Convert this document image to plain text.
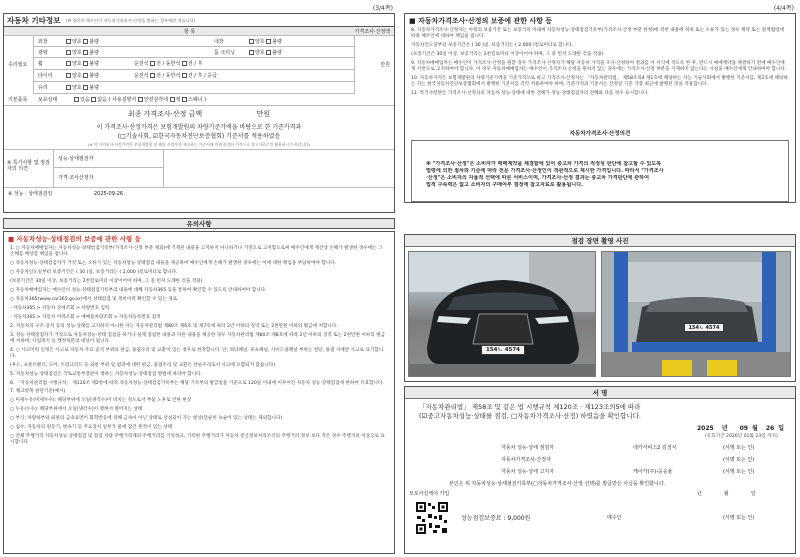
(3/4쪽)
자동차 기타정보 (※ 항목은 매수인이 자동차가격조사·산정을 원하는 경우에만 적습니다)
항 목	가격조사·산정액
수리필요	만원
외장	양호 불량	내장	양호 불량
광택	양호 불량	룸 크리닝	양호 불량
휠	양호 불량	운전석 전 / 동반석 전 / 후
타이어	양호 불량	운전석 전 / 동반석 전 / 후 / 응급
유리	양호 불량
기본품목 보유상태	있음 없음 ( 사용설명서 안전삼각대 잭 스패너 )
최종 가격조사·산정 금액	만원
이 가격조사·산정가격은 보험개발원의 차량기준가액을 바탕으로 한 기준가격과
(□기술사회, ☑한국자동차진단보증협회) 기준서를 적용하였음
(※ 이 가격조사·산정가격은 보험개발원 및 해당 사업자가 제공하는 기준서에 의해 산정한 가격으로 참고자료로만 활용하시기 바랍니다)
※ 특기사항 및 점검자의 의견
성능·상태점검자
가격·조사산정자
※ 성능 · 상태점검일	2025-09-26
유의사항
■ 자동차성능·상태점검의 보증에 관한 사항 등
1. ○ 자동차매매업자는 자동차성능·상태점검기록부(가격조사·산정 부분 제외)에 기재된 내용을 고지하지 아니하거나 거짓으로 고지함으로써 매수인에게 재산상 손해가 발생한 경우에는 그 손해를 배상할 책임을 집니다.
○ 자동차성능·상태점검자가 거짓 또는 오류가 있는 자동차성능·상태점검 내용을 제공하여 매수인에게 손해가 발생한 경우에는 이에 대한 책임을 부담하여야 합니다.
○ 자동차인도일부터 보증기간은 ( 30 )일, 보증거리는 ( 2,000 )킬로미터로 합니다.
(보증기간은 30일 이상, 보증거리는 2천킬로미터 이상이어야 하며, 그 중 먼저 도래한 것을 적용)
○ 자동차매매업자는 매수인이 성능·상태점검기록부의 내용에 대해 자동차365 등을 통하여 확인할 수 있도록 안내하여야 합니다.
○ 자동차365(www.car365.go.kr)에서 상태점검 및 정비이력 확인할 수 있는 경로
- 자동차365 > 자동차 상세조회 > 차량번호 입력
- 자동차365 > 자동차 이력조회 > 매매용차량조회 > 자동차등록번호 검색
2. 자동차의 구조·장치 등의 성능·상태를 고지하지 아니한 자는 자동차관리법 제80조 제6호 및 제7호에 따라 2년 이하의 징역 또는 2천만원 이하의 벌금에 처합니다.
3. 성능·상태점검자가 거짓으로 자동차성능·상태 점검을 하거나 실제 점검한 내용과 다른 내용을 제공한 경우 자동차관리법 제80조 제8호에 따라 2년 이하의 징역 또는 2천만원 이하의 벌금에 처하며, 사업정지 등 행정처분의 대상이 됩니다.
4. ○ 사고이력 인정은 사고로 자동차 주요 골격 부위의 판금, 용접수리 및 교환이 있는 경우로 한정합니다. 단, 쿼터패널, 루프패널, 사이드실패널 부위는 절단, 용접 시에만 사고로 표기합니다.
(후드, 프론트펜더, 도어, 트렁크리드 등 외판 부위 및 범퍼에 대한 판금, 용접수리 및 교환은 단순수리로서 사고에 포함되지 않습니다)
5. 자동차성능·상태점검은 국토교통부장관이 정하는 자동차성능·상태점검 방법에 따라야 합니다.
6. 「자동차관리법 시행규칙」 제120조 제2항에 따라 자동차성능·상태점검기록부는 해당 기록부의 발급일을 기준으로 120일 이내에 이루어진 자동차 성능·상태점검에 한하여 유효합니다.
7. 체크항목 판단기준(예시)
○ 미세누유(미세누수): 해당부위에 오일(냉각수)이 비치는 정도로서 부품 노후로 인한 현상
○ 누유(누수): 해당부위에서 오일(냉각수)이 맺혀서 떨어지는 상태
○ 부식: 차량하부와 외판의 금속표면이 화학반응에 의해 금속이 아닌 상태로 상실되어 가는 현상(단순히 녹슬어 있는 상태는 제외합니다)
○ 침수: 자동차의 원동기, 변속기 등 주요장치 일부가 물에 잠긴 흔적이 있는 상태
○ 전체 주행거리 자동차성능·상태점검 및 점검 차량 주행거리계의 주행거리를 기록하고, 기록한 주행거리가 자동차 전산정보처리조직의 주행거리 정보 보다 적은 경우 주행거리 이상으로 표시합니다
(4/4쪽)
■ 자동차가격조사·산정의 보증에 관한 사항 등
8. 자동차가격조사·산정자는 아래의 보증기간 또는 보증거리 이내에 자동차성능·상태점검기록부(가격조사·산정 부분 한정)에 적힌 내용에 허위 또는 오류가 있는 경우 계약 또는 관계법령에 따라 매수인에 대하여 책임을 집니다.
자동차인도일부터 보증기간은 ( 30 )일, 보증거리는 ( 2,000 )킬로미터로 합니다.
(보증기간은 30일 이상, 보증거리는 2천킬로미터 이상이어야 하며, 그 중 먼저 도래한 것을 적용)
9. 자동차매매업자는 매수인이 가격조사·산정을 원할 경우 가격조사·산정자가 해당 자동차 가격을 조사·산정하여 결과를 이 서식에 적도록 한 후, 반드시 매매계약을 체결하기 전에 매수인에게 서면으로 고지하여야 합니다. 이 경우 자동차매매업자는 매수인이 가격조사·산정을 원하지 않는 경우에는 가격조사·산정 부분을 기재하지 않는다는 사실을 매수인에게 안내하여야 합니다.
10. 자동차가격은 보험개발원의 차량기준가액을 기준가격으로 하고 가격조사·산정자는 「자동차관리법」 제58조의4 제1호에 해당하는 자는 기술사회에서 발행한 기준서를, 제2호에 해당하는 자는 한국자동차진단보증협회에서 발행한 기준서를 각각 적용하여야 하며, 기준가격과 기준서는 산정일 기준 가장 최근에 발행된 것을 적용합니다.
11. 특기사항란은 가격조사·산정자의 자동차 성능·상태에 대한 견해가 성능·상태점검자의 견해와 다를 경우 표시합니다.
자동차가격조사·산정의견
※ "가격조사·산정"은 소비자가 매매계약을 체결함에 있어 중고차 가격의 적정성 판단에 참고할 수 있도록
법령에 의한 절차와 기준에 따라 전문 가격조사·산정인이 객관적으로 제시한 가격입니다. 따라서 "가격조사
·산정"은 소비자의 자율적 선택에 따른 서비스이며, 가격조사·산정 결과는 중고차 가격판단에 관하여
법적 구속력은 없고 소비자의 구매여부 결정에 참고자료로 활용됩니다.
점검 장면 촬영 사진
154ㄴ 4574
154ㄴ 4574
서 명
「자동차관리법」 제58조 및 같은 법 시행규칙 제120조 · 제123조의5에 따라
(☑중고자동차성능·상태를 점검, □자동차가격조사·산정) 하였음을 확인합니다.
2025 년 09 월 26 일
(유효기간 2026년 01월 23일 까지)
자동차 성능·상태 점검자	데카서비스2 김성식	(서명 또는 인)
자동차가격조사·산정자	(서명 또는 인)
자동차 성능·상태 고지자	케이카(주)-응응율	(서명 또는 인)
본인은 위 자동차성능·상태점검기록부(□자동차가격조사·산정 선택)를 발급받은 사실을 확인합니다.
모토아실케어 가입	년	월	일
성능점검보증료 : 9,000원	매수인	(서명 또는 인)
